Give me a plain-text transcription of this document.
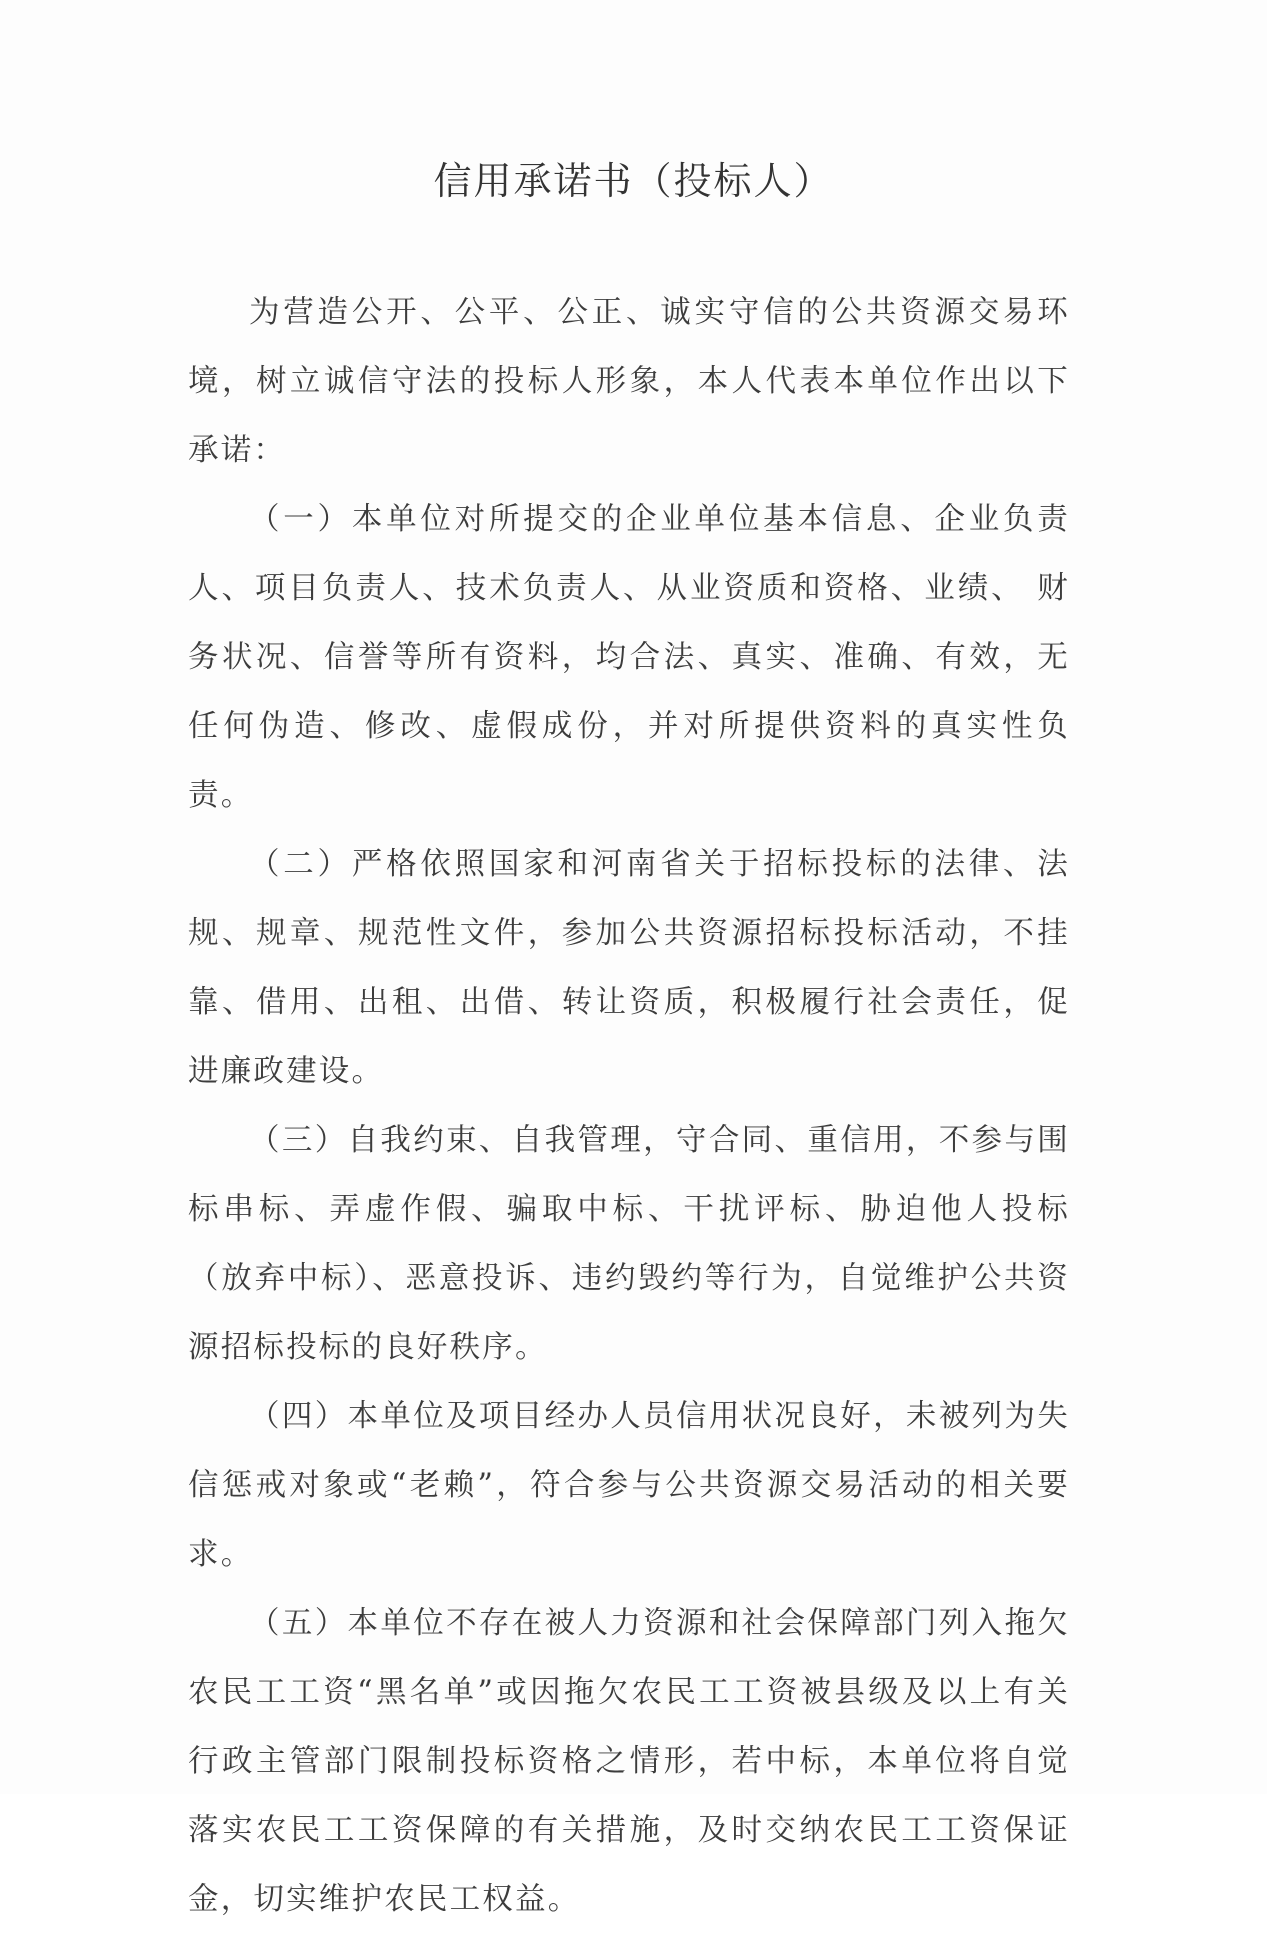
信用承诺书（投标人）

为营造公开、公平、公正、诚实守信的公共资源交易环境，树立诚信守法的投标人形象，本人代表本单位作出以下承诺：

（一）本单位对所提交的企业单位基本信息、企业负责人、项目负责人、技术负责人、从业资质和资格、业绩、 财务状况、信誉等所有资料，均合法、真实、准确、有效，无任何伪造、修改、虚假成份，并对所提供资料的真实性负责。

（二）严格依照国家和河南省关于招标投标的法律、法规、规章、规范性文件，参加公共资源招标投标活动，不挂靠、借用、出租、出借、转让资质，积极履行社会责任，促进廉政建设。

（三）自我约束、自我管理，守合同、重信用，不参与围标串标、弄虚作假、骗取中标、干扰评标、胁迫他人投标（放弃中标）、恶意投诉、违约毁约等行为，自觉维护公共资源招标投标的良好秩序。

（四）本单位及项目经办人员信用状况良好，未被列为失信惩戒对象或“老赖”，符合参与公共资源交易活动的相关要求。

（五）本单位不存在被人力资源和社会保障部门列入拖欠农民工工资“黑名单”或因拖欠农民工工资被县级及以上有关行政主管部门限制投标资格之情形，若中标，本单位将自觉落实农民工工资保障的有关措施，及时交纳农民工工资保证金，切实维护农民工权益。
